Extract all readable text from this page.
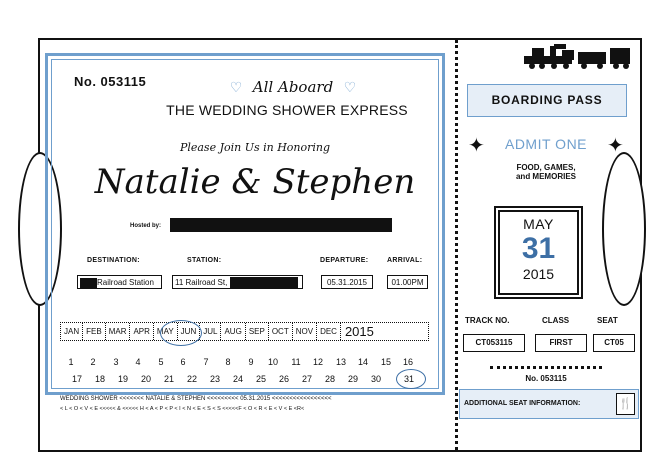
No. 053115	♡ All Aboard ♡
THE WEDDING SHOWER EXPRESS
Please Join Us in Honoring
Natalie & Stephen
Hosted by:
DESTINATION:	STATION:	DEPARTURE:	ARRIVAL:
Railroad Station	11 Railroad St,	05.31.2015	01.00PM
JAN FEB MAR APR MAY JUN JUL AUG SEP OCT NOV DEC 2015
1	2	3	4	5	6	7	8	9	10	11	12	13	14	15	16
17	18	19	20	21	22	23	24	25	26	27	28	29	30	31
WEDDING SHOWER <<<<<<< NATALIE & STEPHEN <<<<<<<<< 05.31.2015 <<<<<<<<<<<<<<<<<
< L < O < V < E <<<<< & <<<<< H < A < P < P < I < N < E < S < S <<<<<F < O < R < E < V < E <R<
BOARDING PASS
✦	ADMIT ONE ✦
FOOD, GAMES,
and MEMORIES
MAY
31
2015
TRACK NO.	CLASS	SEAT
CT053115	FIRST	CT05
No. 053115
ADDITIONAL SEAT INFORMATION:	🍴
